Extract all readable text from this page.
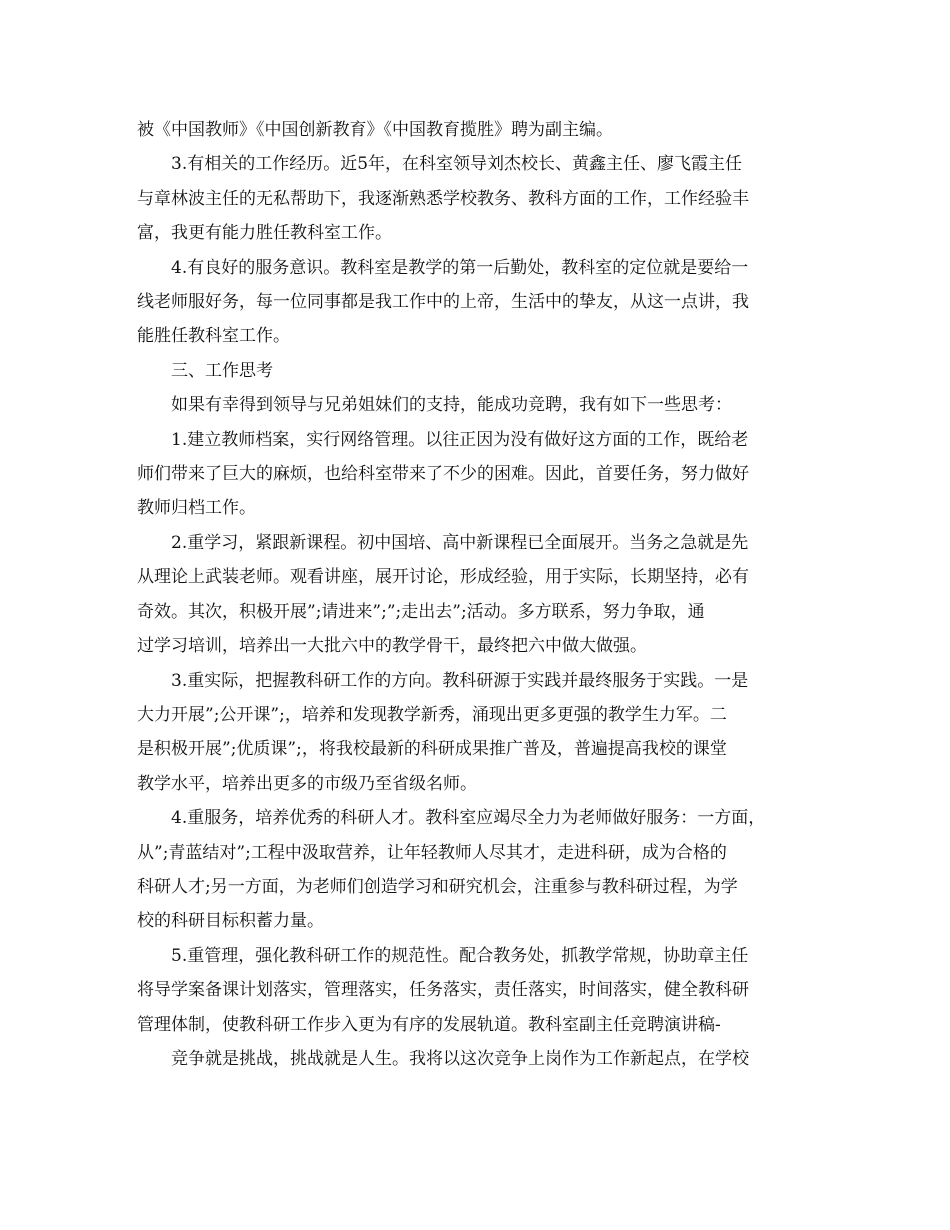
被《中国教师》《中国创新教育》《中国教育揽胜》聘为副主编。

3.有相关的工作经历。近5年，在科室领导刘杰校长、黄鑫主任、廖飞霞主任
与章林波主任的无私帮助下，我逐渐熟悉学校教务、教科方面的工作，工作经验丰
富，我更有能力胜任教科室工作。

4.有良好的服务意识。教科室是教学的第一后勤处，教科室的定位就是要给一
线老师服好务，每一位同事都是我工作中的上帝，生活中的挚友，从这一点讲，我
能胜任教科室工作。

三、工作思考

如果有幸得到领导与兄弟姐妹们的支持，能成功竞聘，我有如下一些思考：

1.建立教师档案，实行网络管理。以往正因为没有做好这方面的工作，既给老
师们带来了巨大的麻烦，也给科室带来了不少的困难。因此，首要任务，努力做好
教师归档工作。

2.重学习，紧跟新课程。初中国培、高中新课程已全面展开。当务之急就是先
从理论上武装老师。观看讲座，展开讨论，形成经验，用于实际，长期坚持，必有
奇效。其次，积极开展”;请进来”;”;走出去”;活动。多方联系，努力争取，通
过学习培训，培养出一大批六中的教学骨干，最终把六中做大做强。

3.重实际，把握教科研工作的方向。教科研源于实践并最终服务于实践。一是
大力开展”;公开课”;，培养和发现教学新秀，涌现出更多更强的教学生力军。二
是积极开展”;优质课”;，将我校最新的科研成果推广普及，普遍提高我校的课堂
教学水平，培养出更多的市级乃至省级名师。

4.重服务，培养优秀的科研人才。教科室应竭尽全力为老师做好服务：一方面，
从”;青蓝结对”;工程中汲取营养，让年轻教师人尽其才，走进科研，成为合格的
科研人才;另一方面，为老师们创造学习和研究机会，注重参与教科研过程，为学
校的科研目标积蓄力量。

5.重管理，强化教科研工作的规范性。配合教务处，抓教学常规，协助章主任
将导学案备课计划落实，管理落实，任务落实，责任落实，时间落实，健全教科研
管理体制，使教科研工作步入更为有序的发展轨道。教科室副主任竞聘演讲稿-

竞争就是挑战，挑战就是人生。我将以这次竞争上岗作为工作新起点，在学校
